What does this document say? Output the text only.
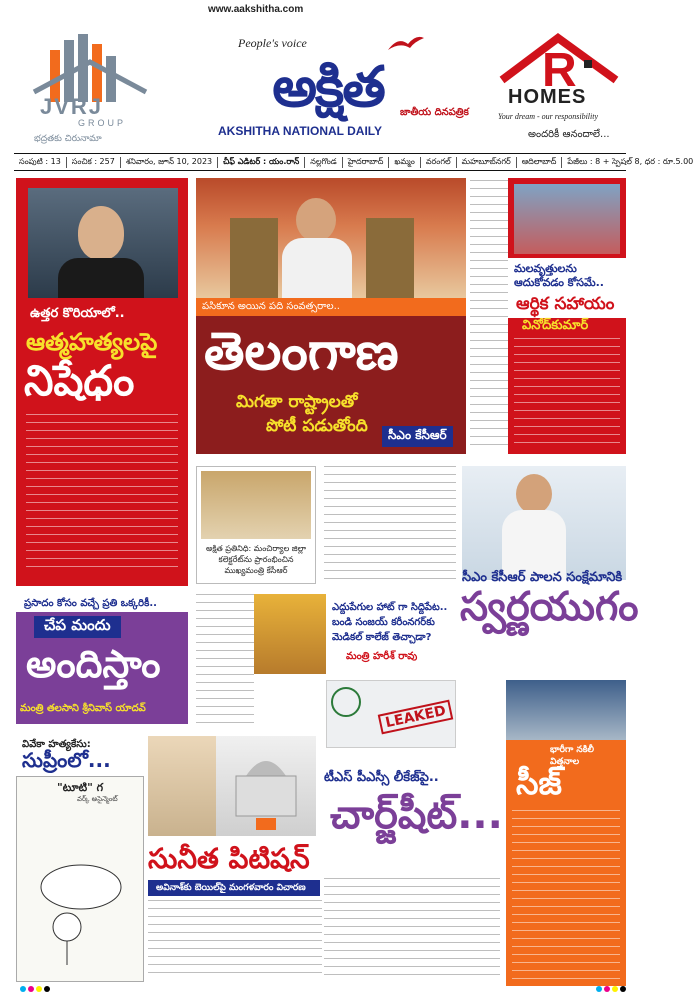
www.aakshitha.com
People's voice
అక్షిత	జాతీయ దినపత్రిక
AKSHITHA NATIONAL DAILY
JVRJ
GROUP
భద్రతకు చిరునామా
R
HOMES
Your dream - our responsibility
అందరికీ ఆనందాలే...
సంపుటి : 13	సంచిక : 257	శనివారం, జూన్ 10, 2023	చీఫ్ ఎడిటర్ : యం.రాన్	నల్లగొండ	హైదరాబాద్	ఖమ్మం	వరంగల్	మహబూబ్‌నగర్	ఆదిలాబాద్	పేజీలు : 8 + స్పెషల్ 8, ధర : రూ.5.00
ఉత్తర కొరియాలో..
ఆత్మహత్యలపై
నిషేధం
పసికూన అయిన పది సంవత్సరాల..
తెలంగాణ
మిగతా రాష్ట్రాలతో
పోటీ పడుతోంది	సీఎం కేసీఆర్
మలవృత్తులను ఆదుకోవడం కోసమే..
ఆర్థిక సహాయం
వినోద్‌కుమార్
అక్షిత ప్రతినిధి: మంచిర్యాల జిల్లా కలెక్టరేట్‌ను ప్రారంభించిన ముఖ్యమంత్రి కేసీఆర్	సీఎం కేసీఆర్ పాలన సంక్షేమానికి
స్వర్ణయుగం
ఎద్దుపేగుల హాట్ గా సిద్దిపేట..
బండి సంజయ్ కరీంనగర్‌కు
మెడికల్ కాలేజ్ తెచ్చాడా?
మంత్రి హరీశ్ రావు
ప్రసాదం కోసం వచ్చే ప్రతి ఒక్కరికీ..
చేప మందు
అందిస్తాం
మంత్రి తలసాని శ్రీనివాస్ యాదవ్	LEAKED
టీఎస్ పీఎస్సీ లీకేజ్‌పై..
చార్జ్‌షీట్...
భారీగా నకిలీ విత్తనాల
సీజ్
వివేకా హత్యకేసు:
సుప్రీంలో...
"టూటి" గ
వర్క్ అసైన్మెంట్
సునీత పిటిషన్
అవినాశ్‌కు బెయిల్‌పై మంగళవారం విచారణ
